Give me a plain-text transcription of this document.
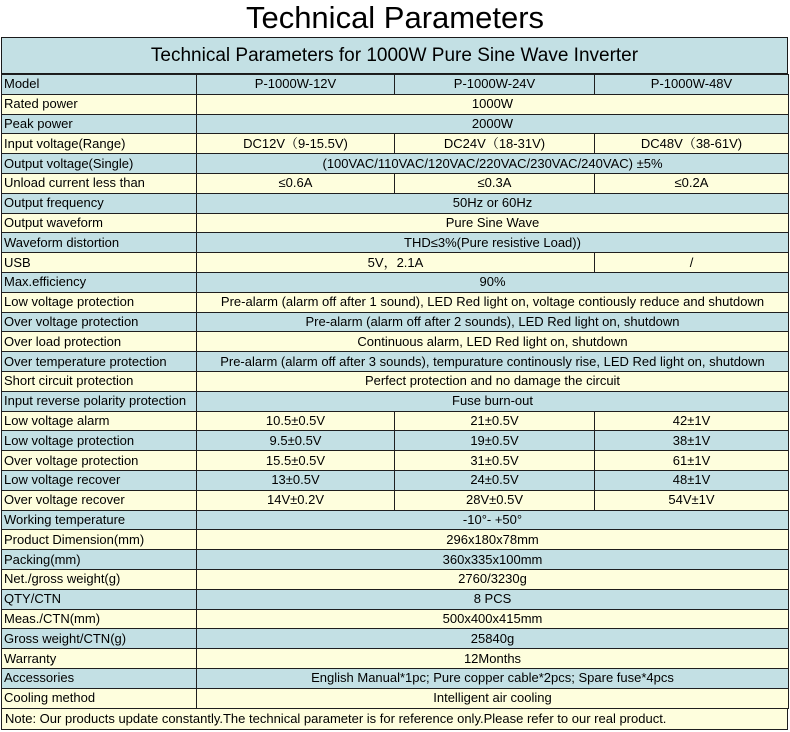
Technical Parameters
Technical Parameters for 1000W Pure Sine Wave Inverter
Model	P-1000W-12V	P-1000W-24V	P-1000W-48V
Rated power	1000W		
Peak power	2000W		
Input voltage(Range)	DC12V（9-15.5V)	DC24V（18-31V)	DC48V（38-61V)
Output voltage(Single)	(100VAC/110VAC/120VAC/220VAC/230VAC/240VAC) ±5%		
Unload current less than	≤0.6A	≤0.3A	≤0.2A
Output frequency	50Hz or 60Hz		
Output waveform	Pure Sine Wave		
Waveform distortion	THD≤3%(Pure resistive Load))		
USB	5V，2.1A		/
Max.efficiency	90%		
Low voltage protection	Pre-alarm (alarm off after 1 sound), LED Red light on, voltage contiously reduce and shutdown		
Over voltage protection	Pre-alarm (alarm off after 2 sounds), LED Red light on, shutdown		
Over load protection	Continuous alarm, LED Red light on, shutdown		
Over temperature protection	Pre-alarm (alarm off after 3 sounds), tempurature continously rise, LED Red light on, shutdown		
Short circuit protection	Perfect protection and no damage the circuit		
Input reverse polarity protection	Fuse burn-out		
Low voltage alarm	10.5±0.5V	21±0.5V	42±1V
Low voltage protection	9.5±0.5V	19±0.5V	38±1V
Over voltage protection	15.5±0.5V	31±0.5V	61±1V
Low voltage recover	13±0.5V	24±0.5V	48±1V
Over voltage recover	14V±0.2V	28V±0.5V	54V±1V
Working temperature	-10°- +50°		
Product Dimension(mm)	296x180x78mm		
Packing(mm)	360x335x100mm		
Net./gross weight(g)	2760/3230g		
QTY/CTN	8 PCS		
Meas./CTN(mm)	500x400x415mm		
Gross weight/CTN(g)	25840g		
Warranty	12Months		
Accessories	English Manual*1pc; Pure copper cable*2pcs; Spare fuse*4pcs		
Cooling method	Intelligent air cooling		
Note: Our products update constantly.The technical parameter is for reference only.Please refer to our real product.
